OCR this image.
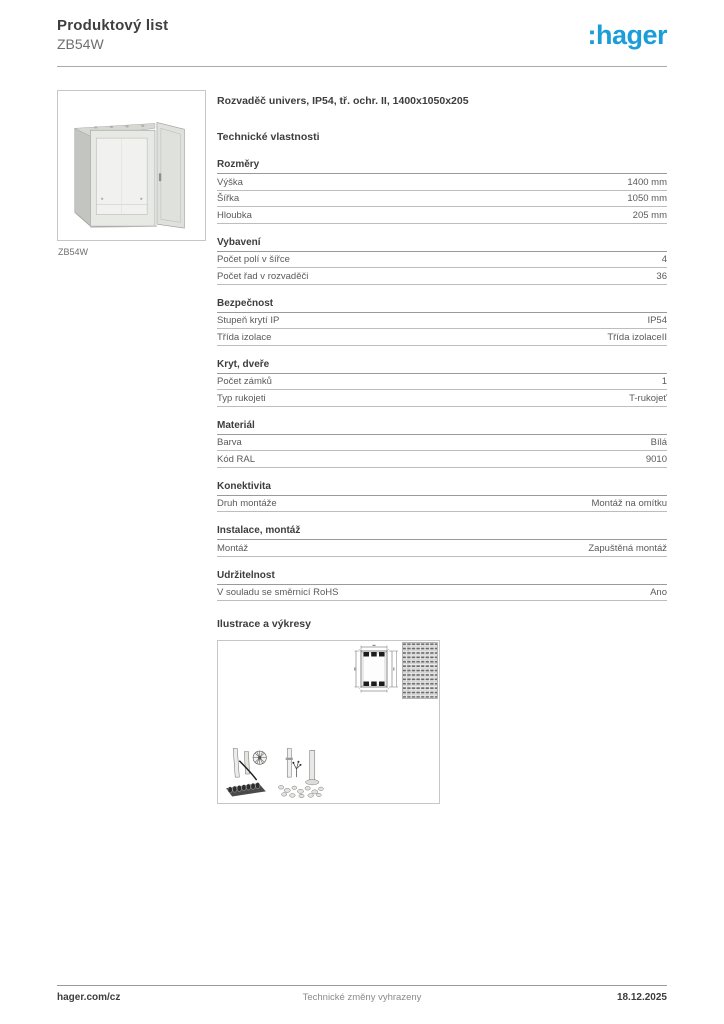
Produktový list
ZB54W	:hager
ZB54W
Rozvaděč univers, IP54, tř. ochr. II, 1400x1050x205
Technické vlastnosti
Rozměry
Výška	1400 mm
Šířka	1050 mm
Hloubka	205 mm
Vybavení
Počet polí v šířce	4
Počet řad v rozvaděči	36
Bezpečnost
Stupeň krytí IP	IP54
Třída izolace	Třída izolaceII
Kryt, dveře
Počet zámků	1
Typ rukojeti	T-rukojeť
Materiál
Barva	Bílá
Kód RAL	9010
Konektivita
Druh montáže	Montáž na omítku
Instalace, montáž
Montáž	Zapuštěná montáž
Udržitelnost
V souladu se směrnicí RoHS	Ano
Ilustrace a výkresy
hager.com/cz	Technické změny vyhrazeny	18.12.2025
